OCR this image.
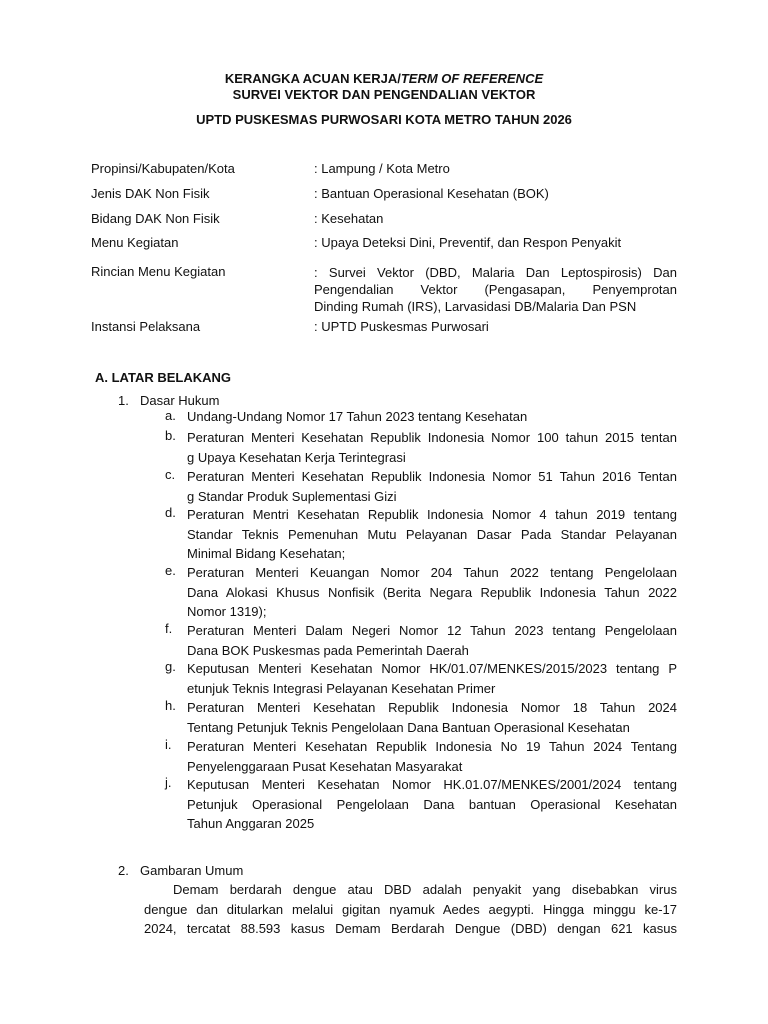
KERANGKA ACUAN KERJA/TERM OF REFERENCE
SURVEI VEKTOR DAN PENGENDALIAN VEKTOR
UPTD PUSKESMAS PURWOSARI KOTA METRO TAHUN 2026
Propinsi/Kabupaten/Kota	: Lampung / Kota Metro
Jenis DAK Non Fisik	: Bantuan Operasional Kesehatan (BOK)
Bidang DAK Non Fisik	: Kesehatan
Menu Kegiatan	: Upaya Deteksi Dini, Preventif, dan Respon Penyakit
Rincian Menu Kegiatan	: Survei Vektor (DBD, Malaria Dan Leptospirosis) Dan
Pengendalian Vektor (Pengasapan, Penyemprotan
Dinding Rumah (IRS), Larvasidasi DB/Malaria Dan PSN
Instansi Pelaksana	: UPTD Puskesmas Purwosari
A. LATAR BELAKANG
1. Dasar Hukum
a. Undang-Undang Nomor 17 Tahun 2023 tentang Kesehatan
b. Peraturan Menteri Kesehatan Republik Indonesia Nomor 100 tahun 2015 tentan
g Upaya Kesehatan Kerja Terintegrasi
c. Peraturan Menteri Kesehatan Republik Indonesia Nomor 51 Tahun 2016 Tentan
g Standar Produk Suplementasi Gizi
d. Peraturan Mentri Kesehatan Republik Indonesia Nomor 4 tahun 2019 tentang
Standar Teknis Pemenuhan Mutu Pelayanan Dasar Pada Standar Pelayanan
Minimal Bidang Kesehatan;
e. Peraturan Menteri Keuangan Nomor 204 Tahun 2022 tentang Pengelolaan
Dana Alokasi Khusus Nonfisik (Berita Negara Republik Indonesia Tahun 2022
Nomor 1319);
f. Peraturan Menteri Dalam Negeri Nomor 12 Tahun 2023 tentang Pengelolaan
Dana BOK Puskesmas pada Pemerintah Daerah
g. Keputusan Menteri Kesehatan Nomor HK/01.07/MENKES/2015/2023 tentang P
etunjuk Teknis Integrasi Pelayanan Kesehatan Primer
h. Peraturan Menteri Kesehatan Republik Indonesia Nomor 18 Tahun 2024
Tentang Petunjuk Teknis Pengelolaan Dana Bantuan Operasional Kesehatan
i. Peraturan Menteri Kesehatan Republik Indonesia No 19 Tahun 2024 Tentang
Penyelenggaraan Pusat Kesehatan Masyarakat
j. Keputusan Menteri Kesehatan Nomor HK.01.07/MENKES/2001/2024 tentang
Petunjuk Operasional Pengelolaan Dana bantuan Operasional Kesehatan
Tahun Anggaran 2025
2. Gambaran Umum
Demam berdarah dengue atau DBD adalah penyakit yang disebabkan virus
dengue dan ditularkan melalui gigitan nyamuk Aedes aegypti. Hingga minggu ke-17
2024, tercatat 88.593 kasus Demam Berdarah Dengue (DBD) dengan 621 kasus
